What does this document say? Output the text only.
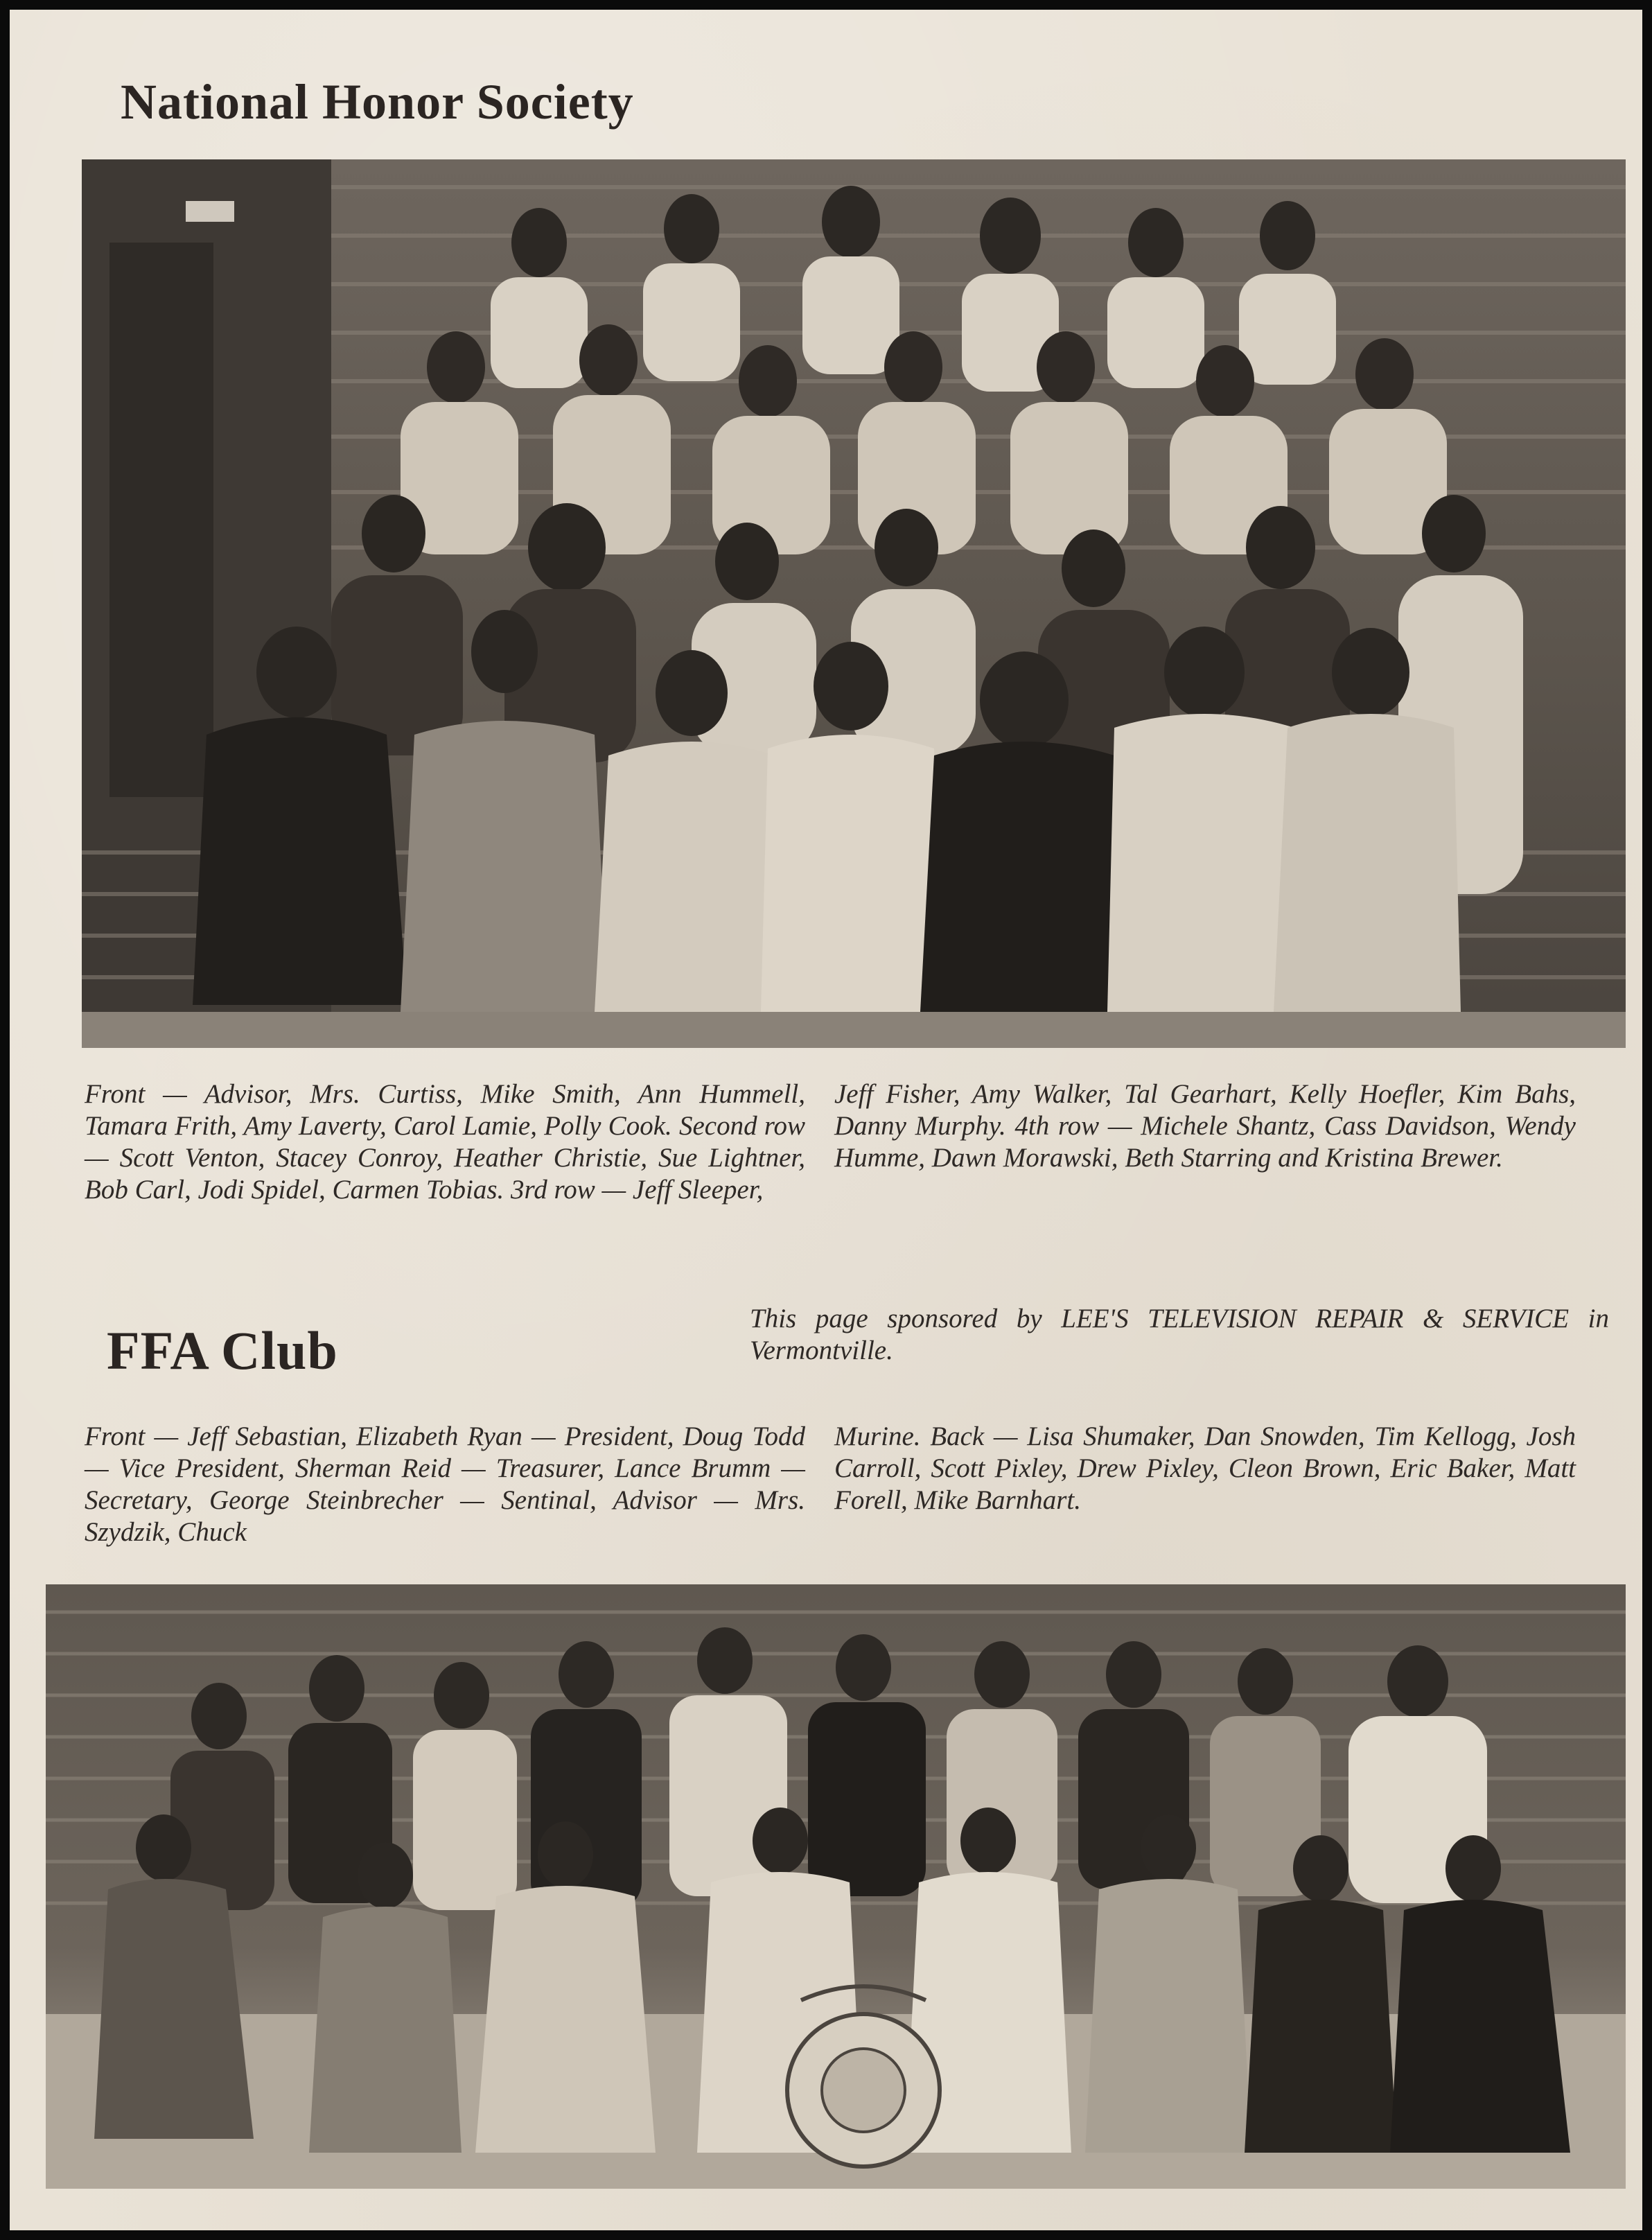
National Honor Society
Front — Advisor, Mrs. Curtiss, Mike Smith, Ann Hummell, Tamara Frith, Amy Laverty, Carol Lamie, Polly Cook. Second row — Scott Venton, Stacey Conroy, Heather Christie, Sue Lightner, Bob Carl, Jodi Spidel, Carmen Tobias. 3rd row — Jeff Sleeper,
Jeff Fisher, Amy Walker, Tal Gearhart, Kelly Hoefler, Kim Bahs, Danny Murphy. 4th row — Michele Shantz, Cass Davidson, Wendy Humme, Dawn Morawski, Beth Starring and Kristina Brewer.
FFA Club
This page sponsored by LEE'S TELEVISION REPAIR & SERVICE in Vermontville.
Front — Jeff Sebastian, Elizabeth Ryan — President, Doug Todd — Vice President, Sherman Reid — Treasurer, Lance Brumm — Secretary, George Steinbrecher — Sentinal, Advisor — Mrs. Szydzik, Chuck
Murine. Back — Lisa Shumaker, Dan Snowden, Tim Kellogg, Josh Carroll, Scott Pixley, Drew Pixley, Cleon Brown, Eric Baker, Matt Forell, Mike Barnhart.
